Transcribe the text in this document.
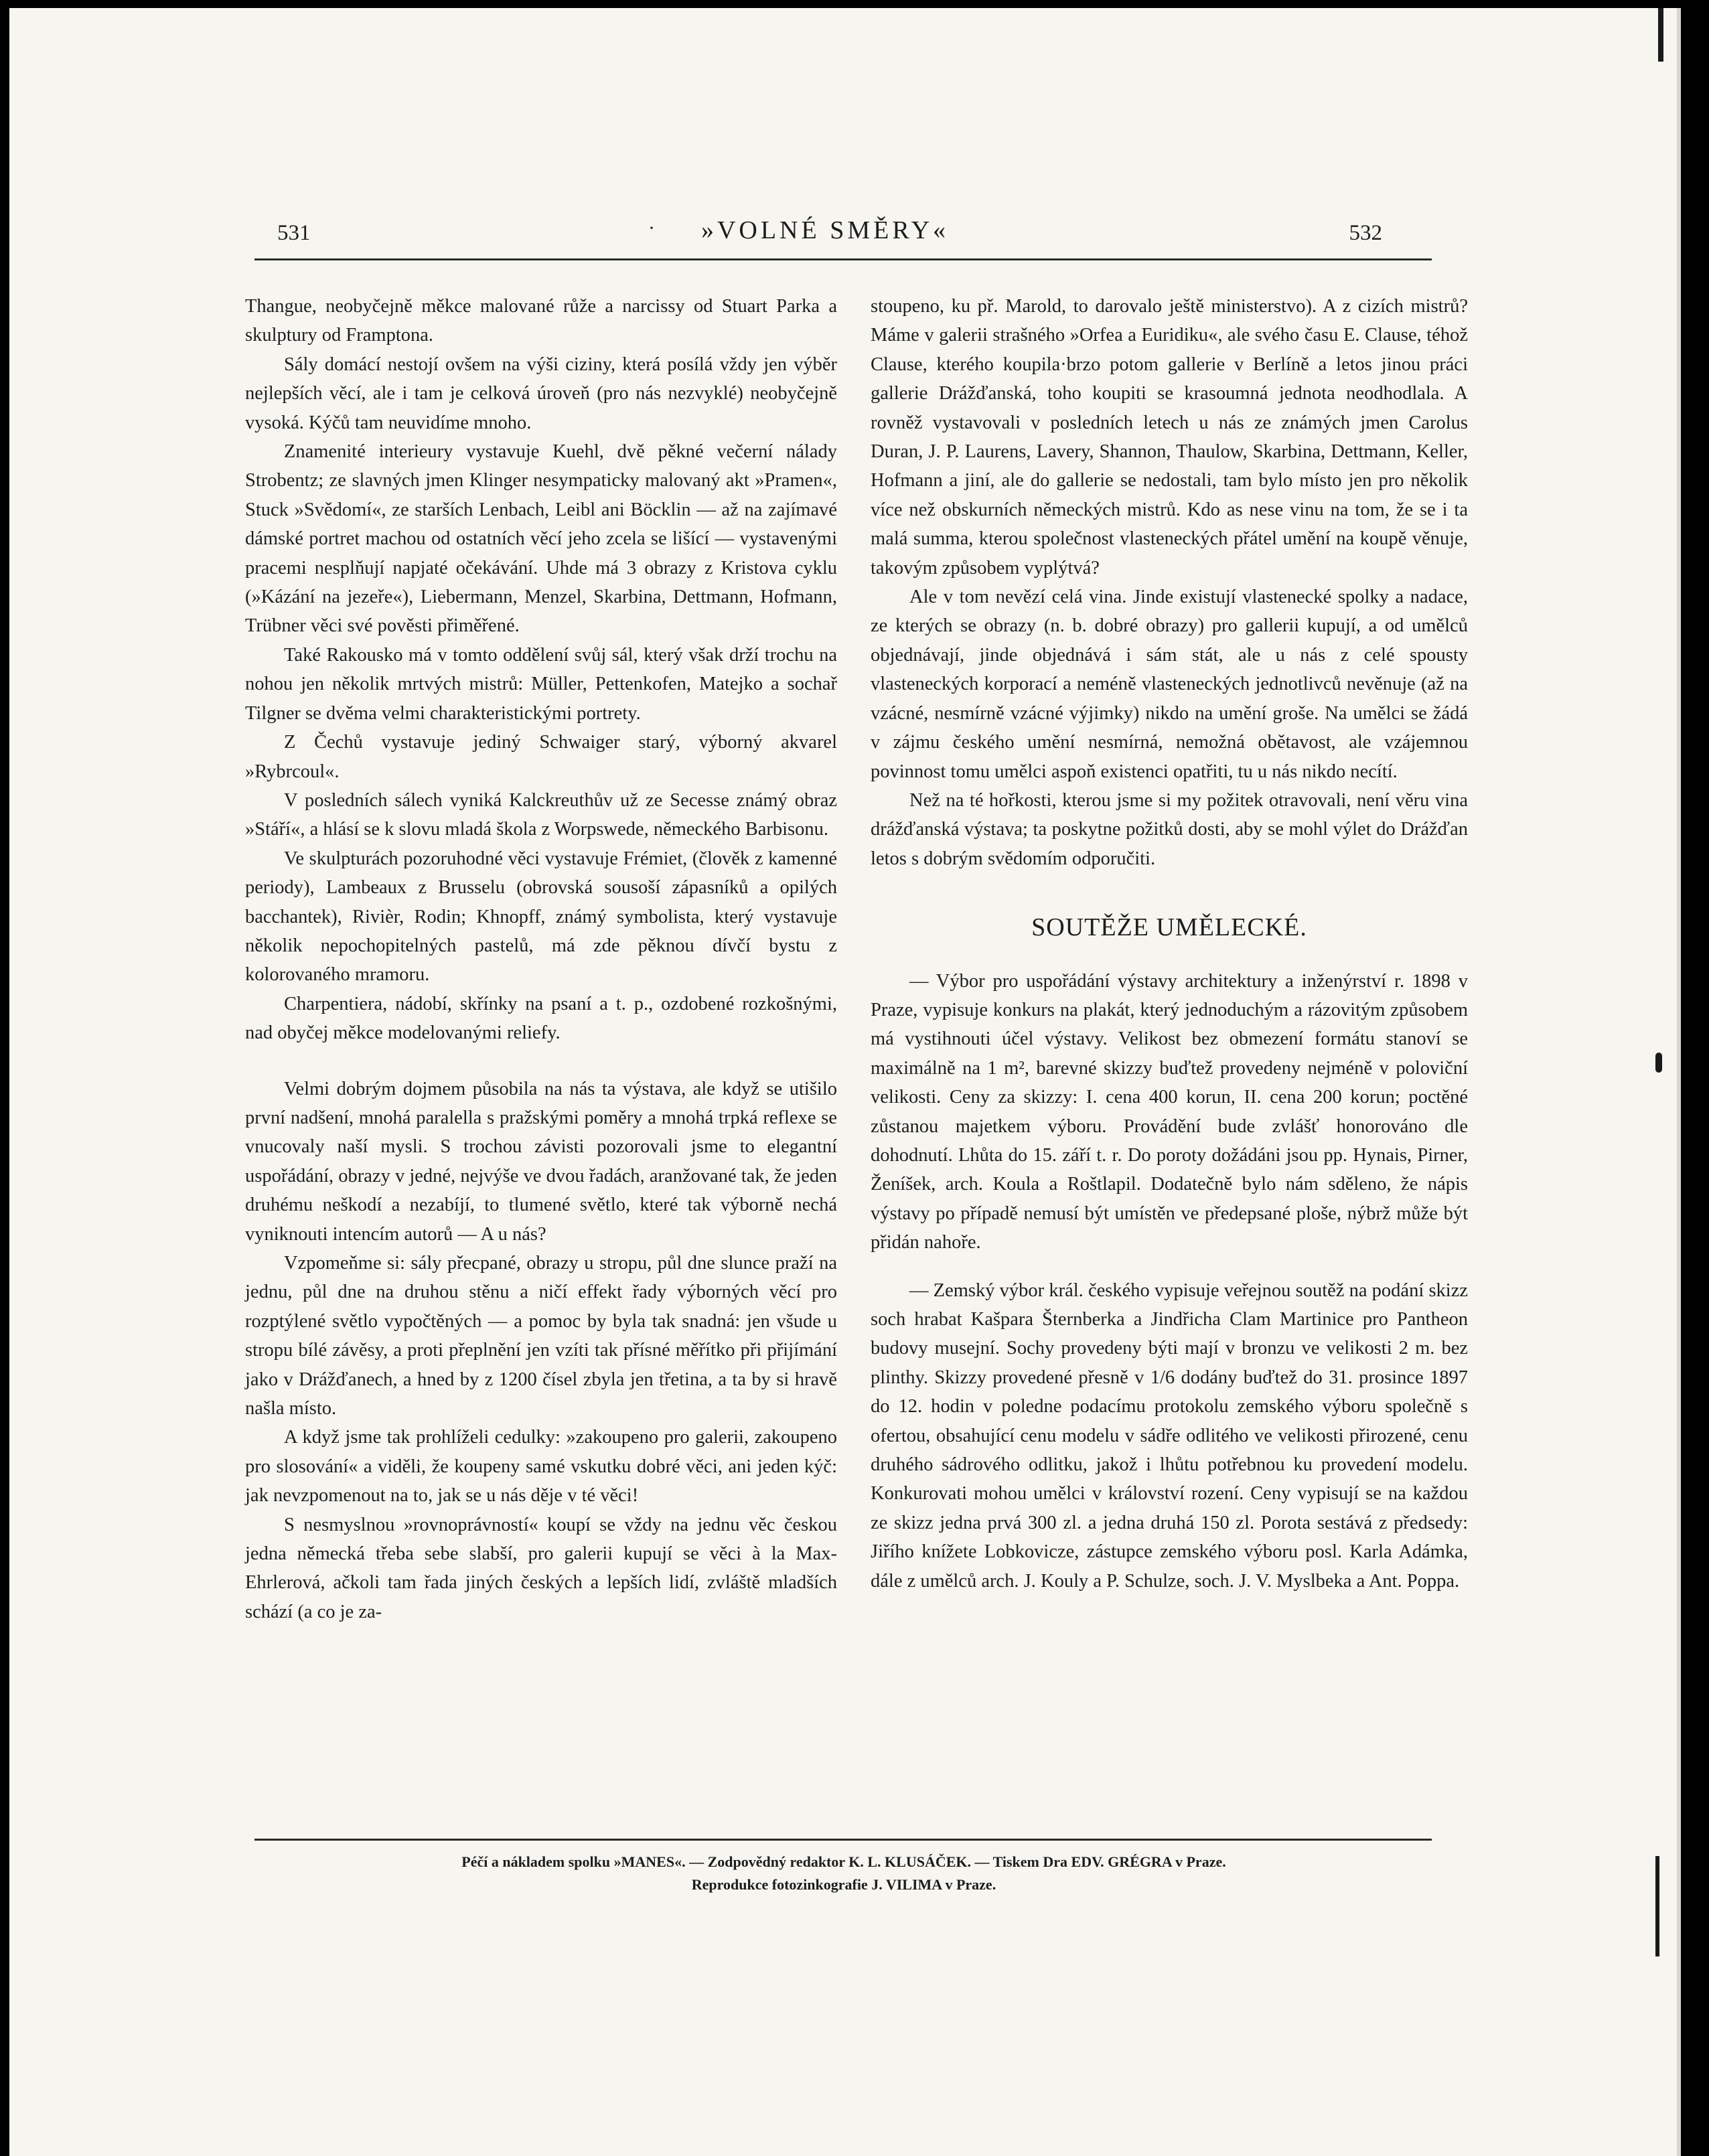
531	·	»VOLNÉ SMĚRY«	532

Thangue, neobyčejně měkce malované růže a narcissy od Stuart Parka a skulptury od Framptona.

Sály domácí nestojí ovšem na výši ciziny, která posílá vždy jen výběr nejlepších věcí, ale i tam je celková úroveň (pro nás nezvyklé) neobyčejně vysoká. Kýčů tam neuvidíme mnoho.

Znamenité interieury vystavuje Kuehl, dvě pěkné večerní nálady Strobentz; ze slavných jmen Klinger nesympaticky malovaný akt »Pramen«, Stuck »Svědomí«, ze starších Lenbach, Leibl ani Böcklin — až na zajímavé dámské portret machou od ostatních věcí jeho zcela se lišící — vystavenými pracemi nesplňují napjaté očekávání. Uhde má 3 obrazy z Kristova cyklu (»Kázání na jezeře«), Liebermann, Menzel, Skarbina, Dettmann, Hofmann, Trübner věci své pověsti přiměřené.

Také Rakousko má v tomto oddělení svůj sál, který však drží trochu na nohou jen několik mrtvých mistrů: Müller, Pettenkofen, Matejko a sochař Tilgner se dvěma velmi charakteristickými portrety.

Z Čechů vystavuje jediný Schwaiger starý, výborný akvarel »Rybrcoul«.

V posledních sálech vyniká Kalckreuthův už ze Secesse známý obraz »Stáří«, a hlásí se k slovu mladá škola z Worpswede, německého Barbisonu.

Ve skulpturách pozoruhodné věci vystavuje Frémiet, (člověk z kamenné periody), Lambeaux z Brusselu (obrovská sousoší zápasníků a opilých bacchantek), Rivièr, Rodin; Khnopff, známý symbolista, který vystavuje několik nepochopitelných pastelů, má zde pěknou dívčí bystu z kolorovaného mramoru.

Charpentiera, nádobí, skřínky na psaní a t. p., ozdobené rozkošnými, nad obyčej měkce modelovanými reliefy.

Velmi dobrým dojmem působila na nás ta výstava, ale když se utišilo první nadšení, mnohá paralella s pražskými poměry a mnohá trpká reflexe se vnucovaly naší mysli. S trochou závisti pozorovali jsme to elegantní uspořádání, obrazy v jedné, nejvýše ve dvou řadách, aranžované tak, že jeden druhému neškodí a nezabíjí, to tlumené světlo, které tak výborně nechá vyniknouti intencím autorů — A u nás?

Vzpomeňme si: sály přecpané, obrazy u stropu, půl dne slunce praží na jednu, půl dne na druhou stěnu a ničí effekt řady výborných věcí pro rozptýlené světlo vypočtěných — a pomoc by byla tak snadná: jen všude u stropu bílé závěsy, a proti přeplnění jen vzíti tak přísné měřítko při přijímání jako v Drážďanech, a hned by z 1200 čísel zbyla jen třetina, a ta by si hravě našla místo.

A když jsme tak prohlíželi cedulky: »zakoupeno pro galerii, zakoupeno pro slosování« a viděli, že koupeny samé vskutku dobré věci, ani jeden kýč: jak nevzpomenout na to, jak se u nás děje v té věci!

S nesmyslnou »rovnoprávností« koupí se vždy na jednu věc českou jedna německá třeba sebe slabší, pro galerii kupují se věci à la Max-Ehrlerová, ačkoli tam řada jiných českých a lepších lidí, zvláště mladších schází (a co je za-

stoupeno, ku př. Marold, to darovalo ještě ministerstvo). A z cizích mistrů? Máme v galerii strašného »Orfea a Euridiku«, ale svého času E. Clause, téhož Clause, kterého koupila·brzo potom gallerie v Berlíně a letos jinou práci gallerie Drážďanská, toho koupiti se krasoumná jednota neodhodlala. A rovněž vystavovali v posledních letech u nás ze známých jmen Carolus Duran, J. P. Laurens, Lavery, Shannon, Thaulow, Skarbina, Dettmann, Keller, Hofmann a jiní, ale do gallerie se nedostali, tam bylo místo jen pro několik více než obskurních německých mistrů. Kdo as nese vinu na tom, že se i ta malá summa, kterou společnost vlasteneckých přátel umění na koupě věnuje, takovým způsobem vyplýtvá?

Ale v tom nevězí celá vina. Jinde existují vlastenecké spolky a nadace, ze kterých se obrazy (n. b. dobré obrazy) pro gallerii kupují, a od umělců objednávají, jinde objednává i sám stát, ale u nás z celé spousty vlasteneckých korporací a neméně vlasteneckých jednotlivců nevěnuje (až na vzácné, nesmírně vzácné výjimky) nikdo na umění groše. Na umělci se žádá v zájmu českého umění nesmírná, nemožná obětavost, ale vzájemnou povinnost tomu umělci aspoň existenci opatřiti, tu u nás nikdo necítí.

Než na té hořkosti, kterou jsme si my požitek otravovali, není věru vina drážďanská výstava; ta poskytne požitků dosti, aby se mohl výlet do Drážďan letos s dobrým svědomím odporučiti.

SOUTĚŽE UMĚLECKÉ.

— Výbor pro uspořádání výstavy architektury a inženýrství r. 1898 v Praze, vypisuje konkurs na plakát, který jednoduchým a rázovitým způsobem má vystihnouti účel výstavy. Velikost bez obmezení formátu stanoví se maximálně na 1 m², barevné skizzy buďtež provedeny nejméně v poloviční velikosti. Ceny za skizzy: I. cena 400 korun, II. cena 200 korun; poctěné zůstanou majetkem výboru. Provádění bude zvlášť honorováno dle dohodnutí. Lhůta do 15. září t. r. Do poroty dožádáni jsou pp. Hynais, Pirner, Ženíšek, arch. Koula a Roštlapil. Dodatečně bylo nám sděleno, že nápis výstavy po případě nemusí být umístěn ve předepsané ploše, nýbrž může být přidán nahoře.

— Zemský výbor král. českého vypisuje veřejnou soutěž na podání skizz soch hrabat Kašpara Šternberka a Jindřicha Clam Martinice pro Pantheon budovy musejní. Sochy provedeny býti mají v bronzu ve velikosti 2 m. bez plinthy. Skizzy provedené přesně v 1/6 dodány buďtež do 31. prosince 1897 do 12. hodin v poledne podacímu protokolu zemského výboru společně s ofertou, obsahující cenu modelu v sádře odlitého ve velikosti přirozené, cenu druhého sádrového odlitku, jakož i lhůtu potřebnou ku provedení modelu. Konkurovati mohou umělci v království rození. Ceny vypisují se na každou ze skizz jedna prvá 300 zl. a jedna druhá 150 zl. Porota sestává z předsedy: Jiřího knížete Lobkovicze, zástupce zemského výboru posl. Karla Adámka, dále z umělců arch. J. Kouly a P. Schulze, soch. J. V. Myslbeka a Ant. Poppa.

Péčí a nákladem spolku »MANES«. — Zodpovědný redaktor K. L. KLUSÁČEK. — Tiskem Dra EDV. GRÉGRA v Praze.
Reprodukce fotozinkografie J. VILIMA v Praze.
